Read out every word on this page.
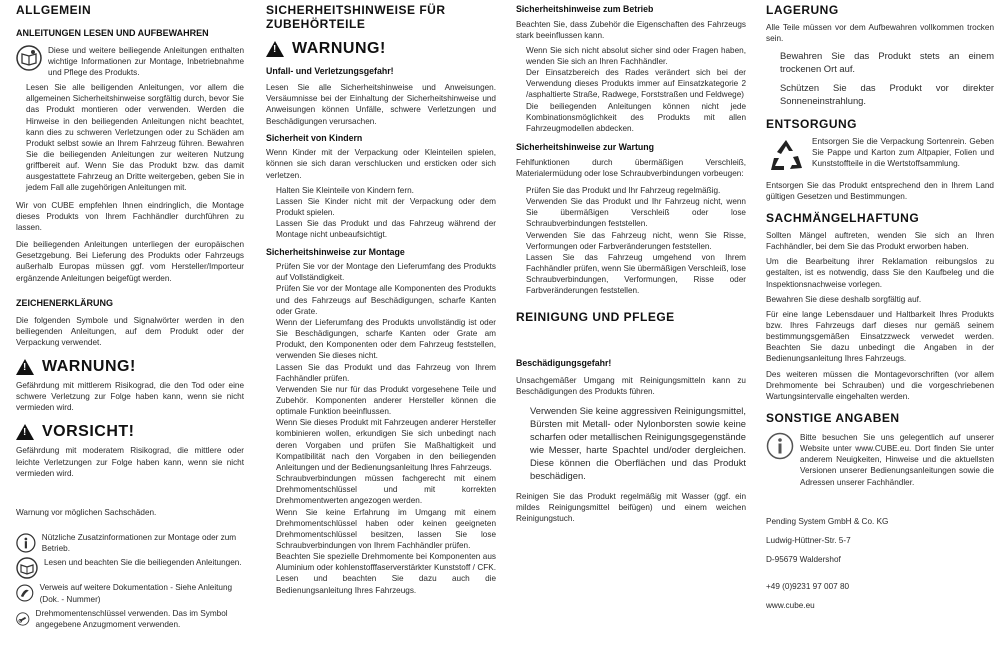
ALLGEMEIN
ANLEITUNGEN LESEN UND AUFBEWAHREN

Diese und weitere beiliegende Anleitungen enthalten wichtige Informationen zur Montage, Inbetriebnahme und Pflege des Produkts.

Lesen Sie alle beiligenden Anleitungen, vor allem die allgemeinen Sicherheitshinweise sorgfältig durch, bevor Sie das Produkt montieren oder verwenden. Werden die Hinweise in den beiliegenden Anleitungen nicht beachtet, kann dies zu schweren Verletzungen oder zu Schäden am Produkt selbst sowie an Ihrem Fahrzeug führen. Bewahren Sie die beiliegenden Anleitungen zur weiteren Nutzung griffbereit auf. Wenn Sie das Produkt bzw. das damit ausgestattete Fahrzeug an Dritte weitergeben, geben Sie in jedem Fall alle zugehörigen Anleitungen mit.

Wir von CUBE empfehlen Ihnen eindringlich, die Montage dieses Produkts von Ihrem Fachhändler durchführen zu lassen.

Die beiliegenden Anleitungen unterliegen der europäischen Gesetzgebung. Bei Lieferung des Produkts oder Fahrzeugs außerhalb Europas müssen ggf. vom Hersteller/Importeur ergänzende Anleitungen beigefügt werden.

ZEICHENERKLÄRUNG

Die folgenden Symbole und Signalwörter werden in den beiliegenden Anleitungen, auf dem Produkt oder der Verpackung verwendet.

!
WARNUNG!

Gefährdung mit mittlerem Risikograd, die den Tod oder eine schwere Verletzung zur Folge haben kann, wenn sie nicht vermieden wird.

!
VORSICHT!

Gefährdung mit moderatem Risikograd, die mittlere oder leichte Verletzungen zur Folge haben kann, wenn sie nicht vermieden wird.

Warnung vor möglichen Sachschäden.

Nützliche Zusatzinformationen zur Montage oder zum Betrieb.

Lesen und beachten Sie die beiliegenden Anleitungen.

Verweis auf weitere Dokumentation - Siehe Anleitung (Dok. - Nummer)

Drehmomentenschlüssel verwenden. Das im Symbol angegebene Anzugmoment verwenden.

SICHERHEITSHINWEISE FÜR ZUBEHÖRTEILE
!
WARNUNG!
Unfall- und Verletzungsgefahr!

Lesen Sie alle Sicherheitshinweise und Anweisungen. Versäumnisse bei der Einhaltung der Sicherheitshinweise und Anweisungen können Unfälle, schwere Verletzungen und Beschädigungen verursachen.

Sicherheit von Kindern

Wenn Kinder mit der Verpackung oder Kleinteilen spielen, können sie sich daran verschlucken und ersticken oder sich verletzen.

Halten Sie Kleinteile von Kindern fern.

Lassen Sie Kinder nicht mit der Verpackung oder dem Produkt spielen.

Lassen Sie das Produkt und das Fahrzeug während der Montage nicht unbeaufsichtigt.

Sicherheitshinweise zur Montage

Prüfen Sie vor der Montage den Lieferumfang des Produkts auf Vollständigkeit.

Prüfen Sie vor der Montage alle Komponenten des Produkts und des Fahrzeugs auf Beschädigungen, scharfe Kanten oder Grate.

Wenn der Lieferumfang des Produkts unvollständig ist oder Sie Beschädigungen, scharfe Kanten oder Grate am Produkt, den Komponenten oder dem Fahrzeug feststellen, verwenden Sie dieses nicht.

Lassen Sie das Produkt und das Fahrzeug von Ihrem Fachhändler prüfen.

Verwenden Sie nur für das Produkt vorgesehene Teile und Zubehör. Komponenten anderer Hersteller können die optimale Funktion beeinflussen.

Wenn Sie dieses Produkt mit Fahrzeugen anderer Hersteller kombinieren wollen, erkundigen Sie sich unbedingt nach deren Vorgaben und prüfen Sie Maßhaltigkeit und Kompatibilität nach den Vorgaben in den beiliegenden Anleitungen und der Bedienungsanleitung Ihres Fahrzeugs.

Schraubverbindungen müssen fachgerecht mit einem Drehmomentschlüssel und mit korrekten Drehmomentwerten angezogen werden.

Wenn Sie keine Erfahrung im Umgang mit einem Drehmomentschlüssel haben oder keinen geeigneten Drehmomentschlüssel besitzen, lassen Sie lose Schraubverbindungen von Ihrem Fachhändler prüfen.

Beachten Sie spezielle Drehmomente bei Komponenten aus Aluminium oder kohlenstofffaserverstärkter Kunststoff / CFK. Lesen und beachten Sie dazu auch die Bedienungsanleitung Ihres Fahrzeugs.

Sicherheitshinweise zum Betrieb

Beachten Sie, dass Zubehör die Eigenschaften des Fahrzeugs stark beeinflussen kann.

Wenn Sie sich nicht absolut sicher sind oder Fragen haben, wenden Sie sich an Ihren Fachhändler.

Der Einsatzbereich des Rades verändert sich bei der Verwendung dieses Produkts immer auf Einsatzkategorie 2 /asphaltierte Straße, Radwege, Forststraßen und Feldwege)

Die beiliegenden Anleitungen können nicht jede Kombinationsmöglichkeit des Produkts mit allen Fahrzeugmodellen abdecken.

Sicherheitshinweise zur Wartung

Fehlfunktionen durch übermäßigen Verschleiß, Materialermüdung oder lose Schraubverbindungen vorbeugen:

Prüfen Sie das Produkt und Ihr Fahrzeug regelmäßig.

Verwenden Sie das Produkt und Ihr Fahrzeug nicht, wenn Sie übermäßigen Verschleiß oder lose Schraubverbindungen feststellen.

Verwenden Sie das Fahrzeug nicht, wenn Sie Risse, Verformungen oder Farbveränderungen feststellen.

Lassen Sie das Fahrzeug umgehend von Ihrem Fachhändler prüfen, wenn Sie übermäßigen Verschleiß, lose Schraubverbindungen, Verformungen, Risse oder Farbveränderungen feststellen.

REINIGUNG UND PFLEGE
Beschädigungsgefahr!

Unsachgemäßer Umgang mit Reinigungsmitteln kann zu Beschädigungen des Produkts führen.

Verwenden Sie keine aggressiven Reinigungsmittel, Bürsten mit Metall- oder Nylonborsten sowie keine scharfen oder metallischen Reinigungsgegenstände wie Messer, harte Spachtel und/oder dergleichen. Diese können die Oberflächen und das Produkt beschädigen.

Reinigen Sie das Produkt regelmäßig mit Wasser (ggf. ein mildes Reinigungsmittel beifügen) und einem weichen Reinigungstuch.

LAGERUNG

Alle Teile müssen vor dem Aufbewahren vollkommen trocken sein.

Bewahren Sie das Produkt stets an einem trockenen Ort auf.

Schützen Sie das Produkt vor direkter Sonneneinstrahlung.

ENTSORGUNG

Entsorgen Sie die Verpackung Sortenrein. Geben Sie Pappe und Karton zum Altpapier, Folien und Kunststoffteile in die Wertstoffsammlung.

Entsorgen Sie das Produkt entsprechend den in Ihrem Land gültigen Gesetzen und Bestimmungen.

SACHMÄNGELHAFTUNG

Sollten Mängel auftreten, wenden Sie sich an Ihren Fachhändler, bei dem Sie das Produkt erworben haben.

Um die Bearbeitung ihrer Reklamation reibungslos zu gestalten, ist es notwendig, dass Sie den Kaufbeleg und die Inspektionsnachweise vorlegen.

Bewahren Sie diese deshalb sorgfältig auf.

Für eine lange Lebensdauer und Haltbarkeit Ihres Produkts bzw. Ihres Fahrzeugs darf dieses nur gemäß seinem bestimmungsgemäßen Einsatzzweck verwedet werden. Beachten Sie dazu unbedingt die Angaben in der Bedienungsanleitung Ihres Fahrzeugs.

Des weiteren müssen die Montagevorschriften (vor allem Drehmomente bei Schrauben) und die vorgeschriebenen Wartungsintervalle eingehalten werden.

SONSTIGE ANGABEN

Bitte besuchen Sie uns gelegentlich auf unserer Website unter www.CUBE.eu. Dort finden Sie unter anderem Neuigkeiten, Hinweise und die aktuellsten Versionen unserer Bedienungsanleitungen sowie die Adressen unserer Fachhändler.

Pending System GmbH & Co. KG

Ludwig-Hüttner-Str. 5-7

D-95679 Waldershof

+49 (0)9231 97 007 80

www.cube.eu
